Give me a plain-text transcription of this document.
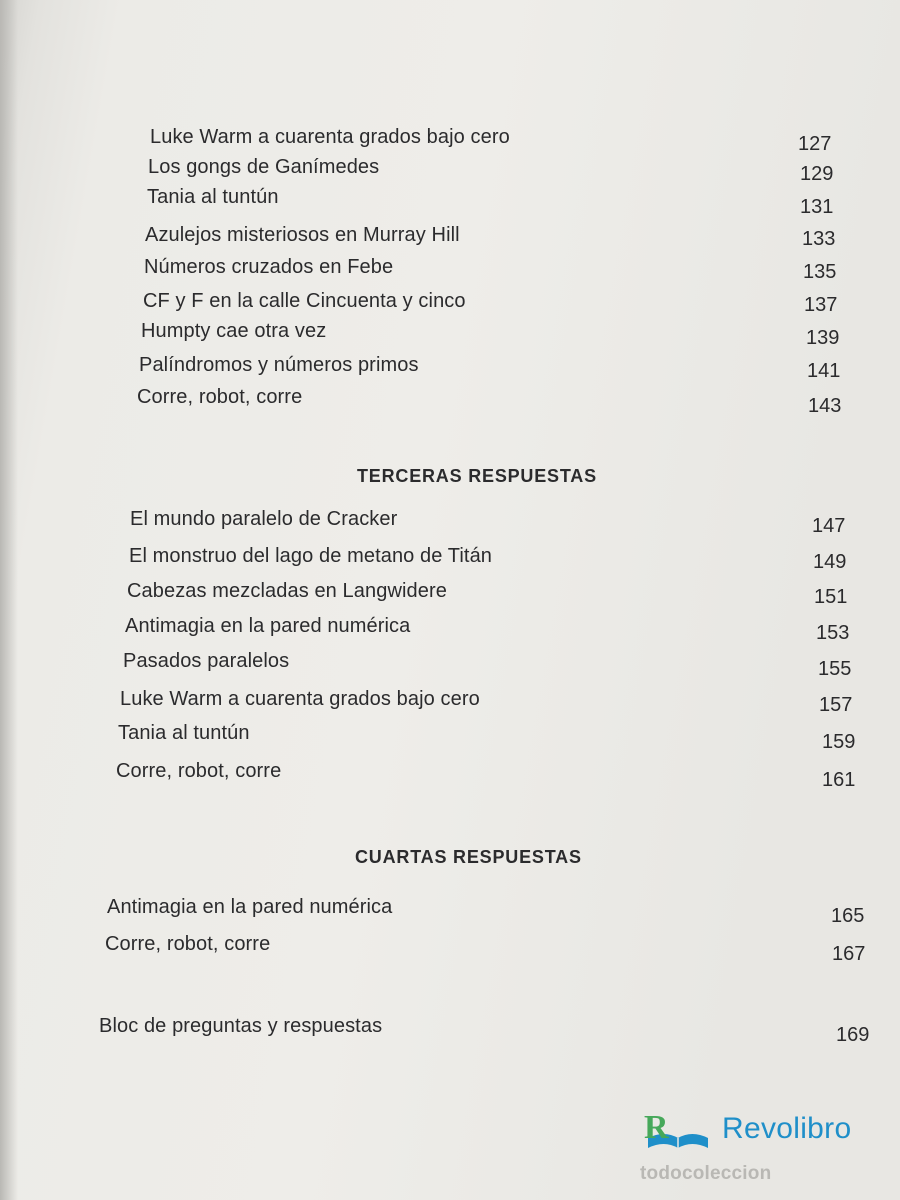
Luke Warm a cuarenta grados bajo cero	127
Los gongs de Ganímedes	129
Tania al tuntún	131
Azulejos misteriosos en Murray Hill	133
Números cruzados en Febe	135
CF y F en la calle Cincuenta y cinco	137
Humpty cae otra vez	139
Palíndromos y números primos	141
Corre, robot, corre	143
TERCERAS RESPUESTAS
El mundo paralelo de Cracker	147
El monstruo del lago de metano de Titán	149
Cabezas mezcladas en Langwidere	151
Antimagia en la pared numérica	153
Pasados paralelos	155
Luke Warm a cuarenta grados bajo cero	157
Tania al tuntún	159
Corre, robot, corre	161
CUARTAS RESPUESTAS
Antimagia en la pared numérica	165
Corre, robot, corre	167
Bloc de preguntas y respuestas	169
R Revolibro
todocoleccion
